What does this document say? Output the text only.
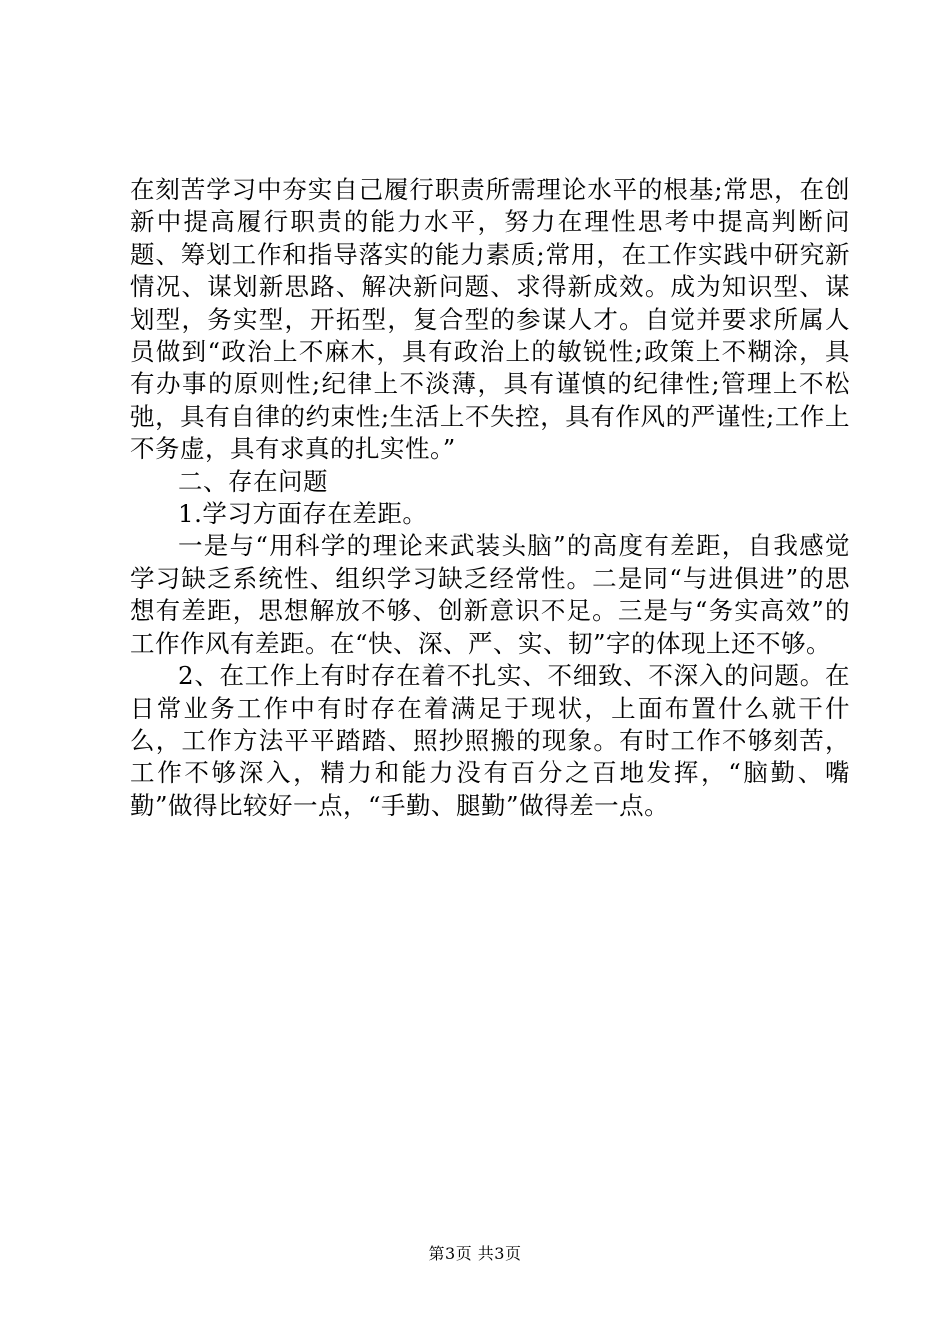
在刻苦学习中夯实自己履行职责所需理论水平的根基;常思，在创新中提高履行职责的能力水平，努力在理性思考中提高判断问题、筹划工作和指导落实的能力素质;常用，在工作实践中研究新情况、谋划新思路、解决新问题、求得新成效。成为知识型、谋划型，务实型，开拓型，复合型的参谋人才。自觉并要求所属人员做到“政治上不麻木，具有政治上的敏锐性;政策上不糊涂，具有办事的原则性;纪律上不淡薄，具有谨慎的纪律性;管理上不松弛，具有自律的约束性;生活上不失控，具有作风的严谨性;工作上不务虚，具有求真的扎实性。”

二、存在问题

1.学习方面存在差距。

一是与“用科学的理论来武装头脑”的高度有差距，自我感觉学习缺乏系统性、组织学习缺乏经常性。二是同“与进俱进”的思想有差距，思想解放不够、创新意识不足。三是与“务实高效”的工作作风有差距。在“快、深、严、实、韧”字的体现上还不够。

2、在工作上有时存在着不扎实、不细致、不深入的问题。在日常业务工作中有时存在着满足于现状，上面布置什么就干什么，工作方法平平踏踏、照抄照搬的现象。有时工作不够刻苦，工作不够深入，精力和能力没有百分之百地发挥，“脑勤、嘴勤”做得比较好一点，“手勤、腿勤”做得差一点。

第3页 共3页
